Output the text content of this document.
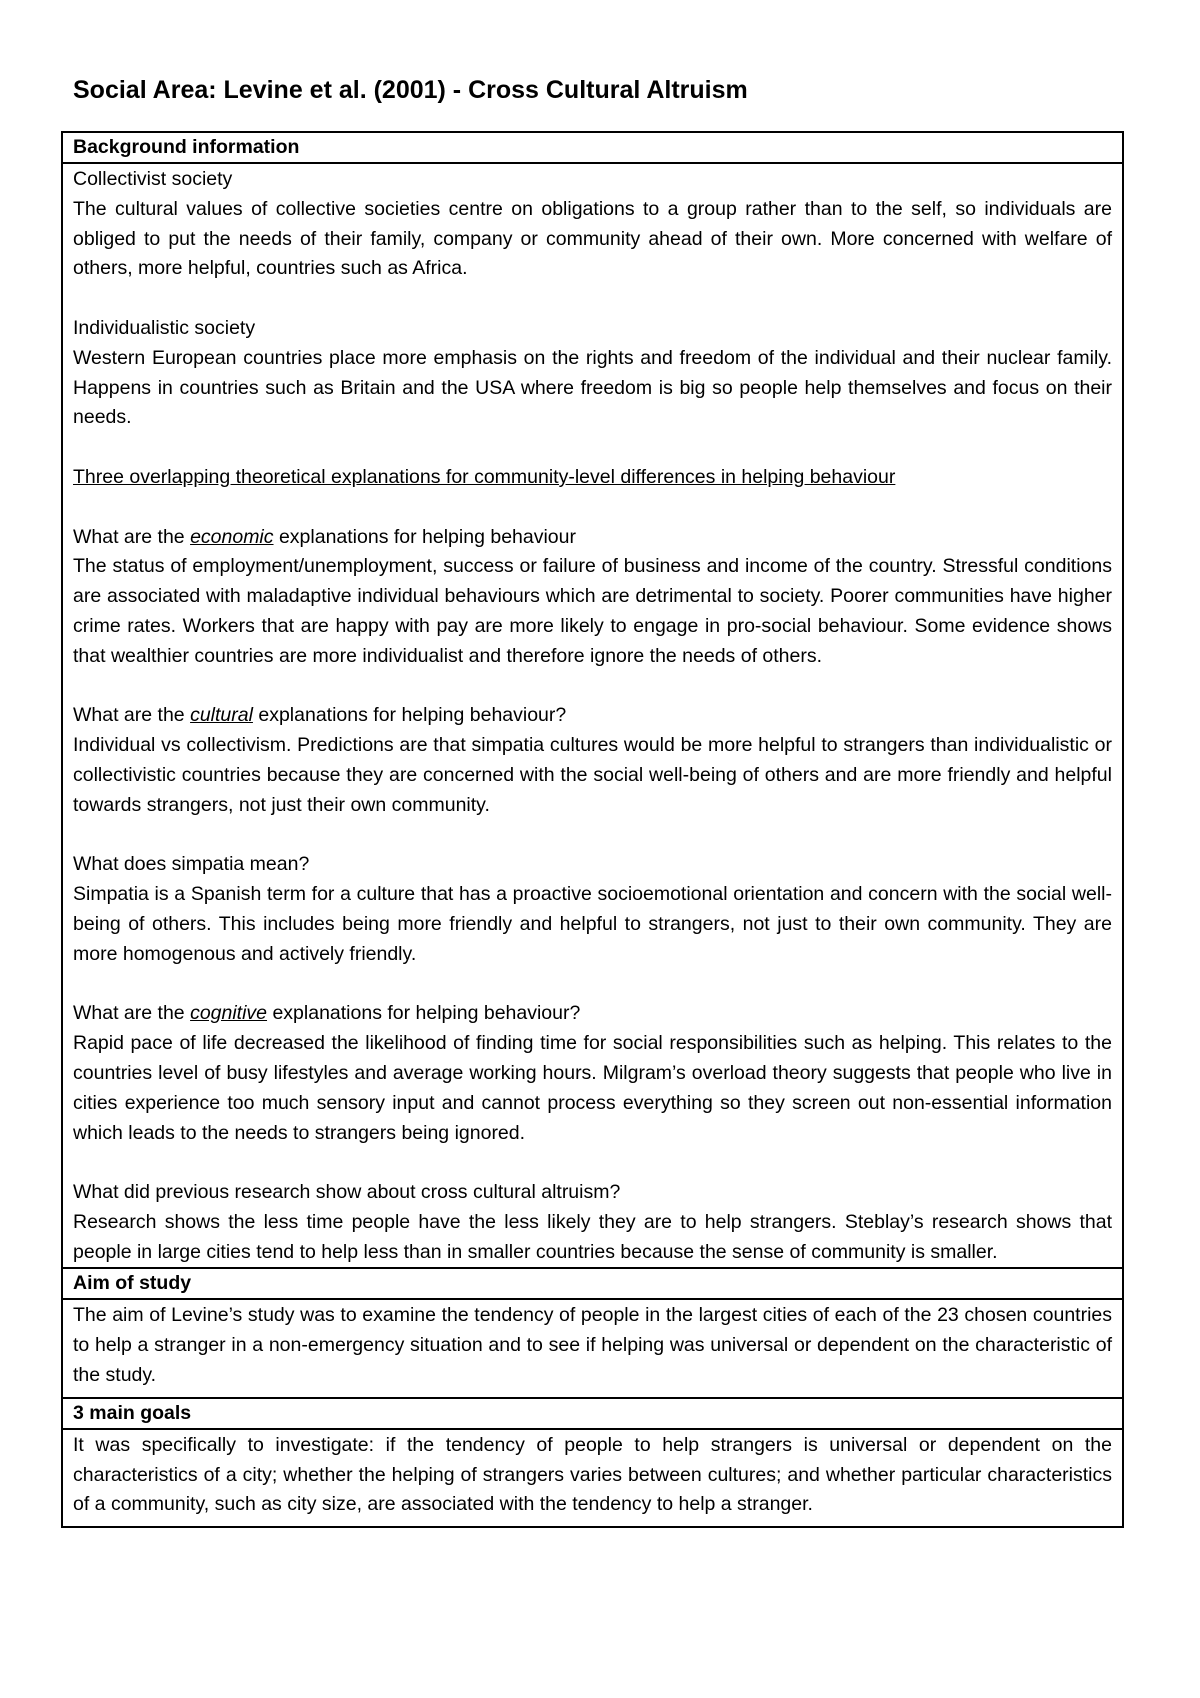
Social Area: Levine et al. (2001) - Cross Cultural Altruism
Background information

Collectivist society

The cultural values of collective societies centre on obligations to a group rather than to the self, so individuals are obliged to put the needs of their family, company or community ahead of their own. More concerned with welfare of others, more helpful, countries such as Africa.

Individualistic society

Western European countries place more emphasis on the rights and freedom of the individual and their nuclear family. Happens in countries such as Britain and the USA where freedom is big so people help themselves and focus on their needs.

Three overlapping theoretical explanations for community-level differences in helping behaviour

What are the economic explanations for helping behaviour

The status of employment/unemployment, success or failure of business and income of the country. Stressful conditions are associated with maladaptive individual behaviours which are detrimental to society. Poorer communities have higher crime rates. Workers that are happy with pay are more likely to engage in pro-social behaviour. Some evidence shows that wealthier countries are more individualist and therefore ignore the needs of others.

What are the cultural explanations for helping behaviour?

Individual vs collectivism. Predictions are that simpatia cultures would be more helpful to strangers than individualistic or collectivistic countries because they are concerned with the social well-being of others and are more friendly and helpful towards strangers, not just their own community.

What does simpatia mean?

Simpatia is a Spanish term for a culture that has a proactive socioemotional orientation and concern with the social well-being of others. This includes being more friendly and helpful to strangers, not just to their own community. They are more homogenous and actively friendly.

What are the cognitive explanations for helping behaviour?

Rapid pace of life decreased the likelihood of finding time for social responsibilities such as helping. This relates to the countries level of busy lifestyles and average working hours. Milgram’s overload theory suggests that people who live in cities experience too much sensory input and cannot process everything so they screen out non-essential information which leads to the needs to strangers being ignored.

What did previous research show about cross cultural altruism?

Research shows the less time people have the less likely they are to help strangers. Steblay’s research shows that people in large cities tend to help less than in smaller countries because the sense of community is smaller.

Aim of study

The aim of Levine’s study was to examine the tendency of people in the largest cities of each of the 23 chosen countries to help a stranger in a non-emergency situation and to see if helping was universal or dependent on the characteristic of the study.

3 main goals

It was specifically to investigate: if the tendency of people to help strangers is universal or dependent on the characteristics of a city; whether the helping of strangers varies between cultures; and whether particular characteristics of a community, such as city size, are associated with the tendency to help a stranger.
